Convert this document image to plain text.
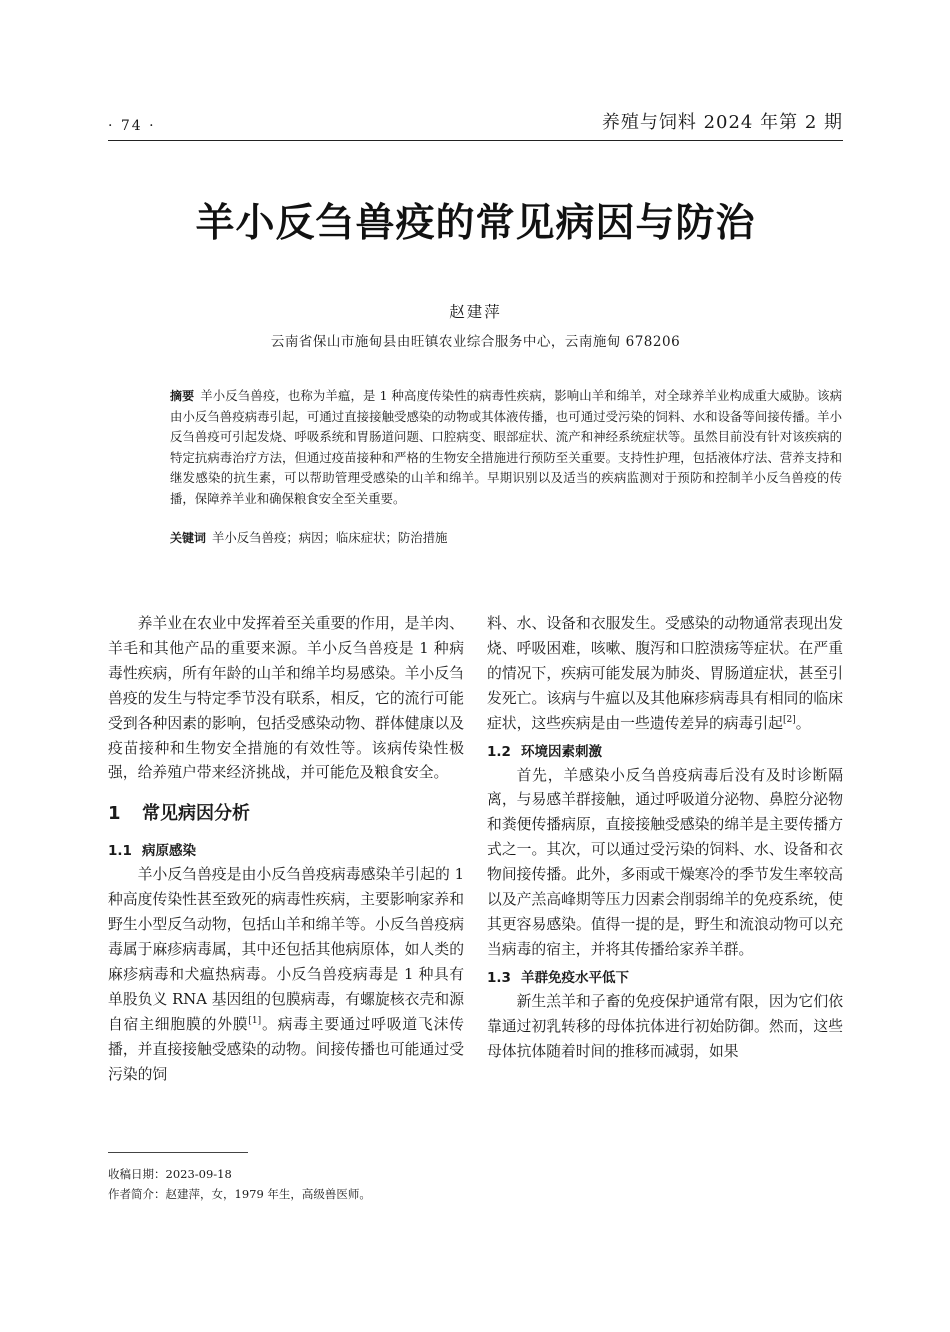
· 74 ·	养殖与饲料 2024 年第 2 期
羊小反刍兽疫的常见病因与防治
赵建萍
云南省保山市施甸县由旺镇农业综合服务中心，云南施甸 678206
摘要 羊小反刍兽疫，也称为羊瘟，是 1 种高度传染性的病毒性疾病，影响山羊和绵羊，对全球养羊业构成重大威胁。该病由小反刍兽疫病毒引起，可通过直接接触受感染的动物或其体液传播，也可通过受污染的饲料、水和设备等间接传播。羊小反刍兽疫可引起发烧、呼吸系统和胃肠道问题、口腔病变、眼部症状、流产和神经系统症状等。虽然目前没有针对该疾病的特定抗病毒治疗方法，但通过疫苗接种和严格的生物安全措施进行预防至关重要。支持性护理，包括液体疗法、营养支持和继发感染的抗生素，可以帮助管理受感染的山羊和绵羊。早期识别以及适当的疾病监测对于预防和控制羊小反刍兽疫的传播，保障养羊业和确保粮食安全至关重要。
关键词 羊小反刍兽疫；病因；临床症状；防治措施

养羊业在农业中发挥着至关重要的作用，是羊肉、羊毛和其他产品的重要来源。羊小反刍兽疫是 1 种病毒性疾病，所有年龄的山羊和绵羊均易感染。羊小反刍兽疫的发生与特定季节没有联系，相反，它的流行可能受到各种因素的影响，包括受感染动物、群体健康以及疫苗接种和生物安全措施的有效性等。该病传染性极强，给养殖户带来经济挑战，并可能危及粮食安全。

1 常见病因分析
1.1 病原感染

羊小反刍兽疫是由小反刍兽疫病毒感染羊引起的 1 种高度传染性甚至致死的病毒性疾病，主要影响家养和野生小型反刍动物，包括山羊和绵羊等。小反刍兽疫病毒属于麻疹病毒属，其中还包括其他病原体，如人类的麻疹病毒和犬瘟热病毒。小反刍兽疫病毒是 1 种具有单股负义 RNA 基因组的包膜病毒，有螺旋核衣壳和源自宿主细胞膜的外膜[1]。病毒主要通过呼吸道飞沫传播，并直接接触受感染的动物。间接传播也可能通过受污染的饲

料、水、设备和衣服发生。受感染的动物通常表现出发烧、呼吸困难，咳嗽、腹泻和口腔溃疡等症状。在严重的情况下，疾病可能发展为肺炎、胃肠道症状，甚至引发死亡。该病与牛瘟以及其他麻疹病毒具有相同的临床症状，这些疾病是由一些遗传差异的病毒引起[2]。

1.2 环境因素刺激

首先，羊感染小反刍兽疫病毒后没有及时诊断隔离，与易感羊群接触，通过呼吸道分泌物、鼻腔分泌物和粪便传播病原，直接接触受感染的绵羊是主要传播方式之一。其次，可以通过受污染的饲料、水、设备和衣物间接传播。此外，多雨或干燥寒冷的季节发生率较高以及产羔高峰期等压力因素会削弱绵羊的免疫系统，使其更容易感染。值得一提的是，野生和流浪动物可以充当病毒的宿主，并将其传播给家养羊群。

1.3 羊群免疫水平低下

新生羔羊和子畜的免疫保护通常有限，因为它们依靠通过初乳转移的母体抗体进行初始防御。然而，这些母体抗体随着时间的推移而减弱，如果

收稿日期：2023-09-18
作者简介：赵建萍，女，1979 年生，高级兽医师。
